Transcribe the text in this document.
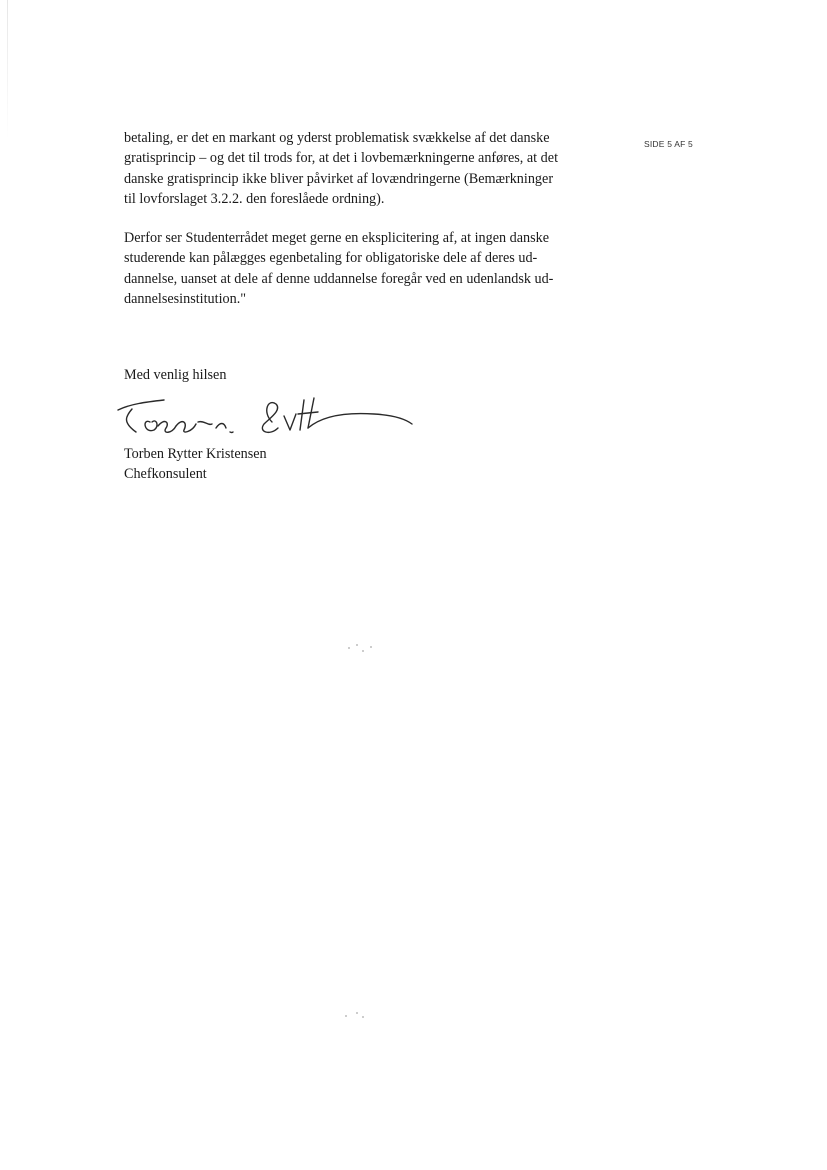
SIDE 5 AF 5

betaling, er det en markant og yderst problematisk svækkelse af det danske
gratisprincip – og det til trods for, at det i lovbemærkningerne anføres, at det
danske gratisprincip ikke bliver påvirket af lovændringerne (Bemærkninger
til lovforslaget 3.2.2. den foreslåede ordning).

Derfor ser Studenterrådet meget gerne en eksplicitering af, at ingen danske
studerende kan pålægges egenbetaling for obligatoriske dele af deres ud-
dannelse, uanset at dele af denne uddannelse foregår ved en udenlandsk ud-
dannelsesinstitution."

Med venlig hilsen

Torben Rytter Kristensen

Chefkonsulent
